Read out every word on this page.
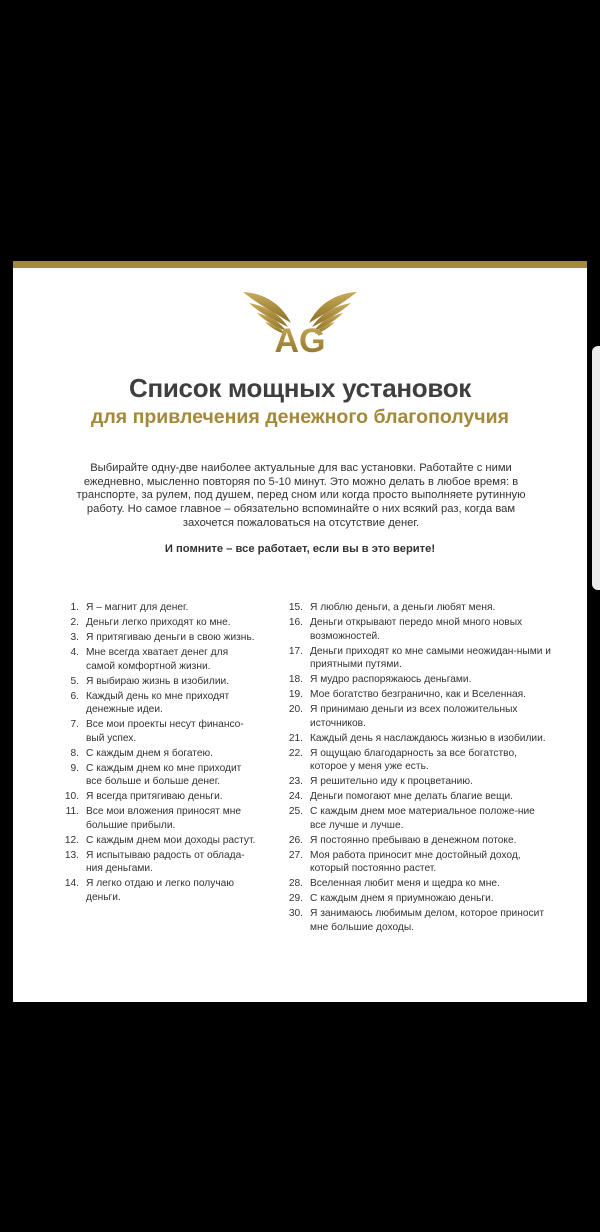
AG
Список мощных установок
для привлечения денежного благополучия
Выбирайте одну-две наиболее актуальные для вас установки. Работайте с ними ежедневно, мысленно повторяя по 5-10 минут. Это можно делать в любое время: в транспорте, за рулем, под душем, перед сном или когда просто выполняете рутинную работу. Но самое главное – обязательно вспоминайте о них всякий раз, когда вам захочется пожаловаться на отсутствие денег.
И помните – все работает, если вы в это верите!
1. Я – магнит для денег.
2. Деньги легко приходят ко мне.
3. Я притягиваю деньги в свою жизнь.
4. Мне всегда хватает денег для самой комфортной жизни.
5. Я выбираю жизнь в изобилии.
6. Каждый день ко мне приходят денежные идеи.
7. Все мои проекты несут финансо-вый успех.
8. С каждым днем я богатею.
9. С каждым днем ко мне приходит все больше и больше денег.
10. Я всегда притягиваю деньги.
11. Все мои вложения приносят мне большие прибыли.
12. С каждым днем мои доходы растут.
13. Я испытываю радость от облада-ния деньгами.
14. Я легко отдаю и легко получаю деньги.
15. Я люблю деньги, а деньги любят меня.
16. Деньги открывают передо мной много новых возможностей.
17. Деньги приходят ко мне самыми неожидан-ными и приятными путями.
18. Я мудро распоряжаюсь деньгами.
19. Мое богатство безгранично, как и Вселенная.
20. Я принимаю деньги из всех положительных источников.
21. Каждый день я наслаждаюсь жизнью в изобилии.
22. Я ощущаю благодарность за все богатство, которое у меня уже есть.
23. Я решительно иду к процветанию.
24. Деньги помогают мне делать благие вещи.
25. С каждым днем мое материальное положе-ние все лучше и лучше.
26. Я постоянно пребываю в денежном потоке.
27. Моя работа приносит мне достойный доход, который постоянно растет.
28. Вселенная любит меня и щедра ко мне.
29. С каждым днем я приумножаю деньги.
30. Я занимаюсь любимым делом, которое приносит мне большие доходы.
